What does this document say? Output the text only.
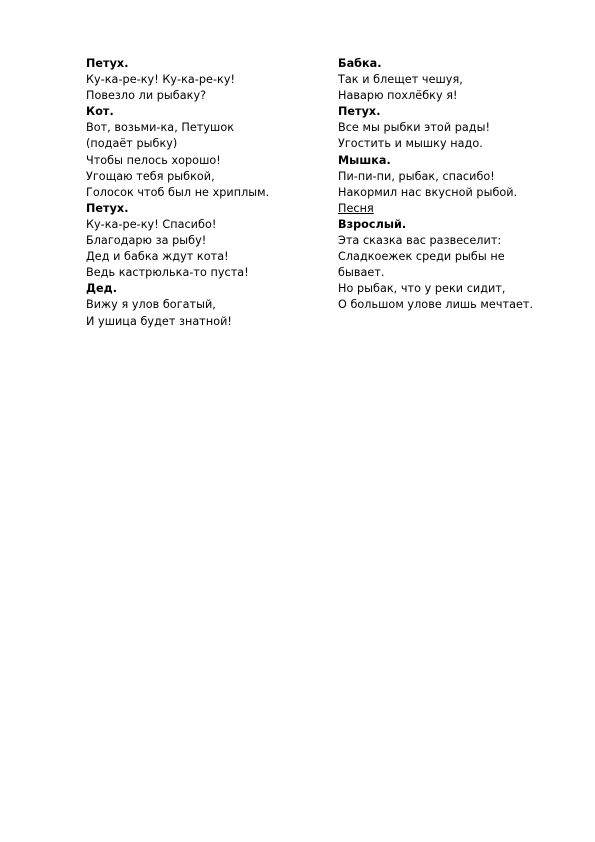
Петух.
Ку-ка-ре-ку! Ку-ка-ре-ку!
Повезло ли рыбаку?
Кот.
Вот, возьми-ка, Петушок
(подаёт рыбку)
Чтобы пелось хорошо!
Угощаю тебя рыбкой,
Голосок чтоб был не хриплым.
Петух.
Ку-ка-ре-ку! Спасибо!
Благодарю за рыбу!
Дед и бабка ждут кота!
Ведь кастрюлька-то пуста!
Дед.
Вижу я улов богатый,
И ушица будет знатной!
Бабка.
Так и блещет чешуя,
Наварю похлёбку я!
Петух.
Все мы рыбки этой рады!
Угостить и мышку надо.
Мышка.
Пи-пи-пи, рыбак, спасибо!
Накормил нас вкусной рыбой.
Песня
Взрослый.
Эта сказка вас развеселит:
Сладкоежек среди рыбы не
бывает.
Но рыбак, что у реки сидит,
О большом улове лишь мечтает.
